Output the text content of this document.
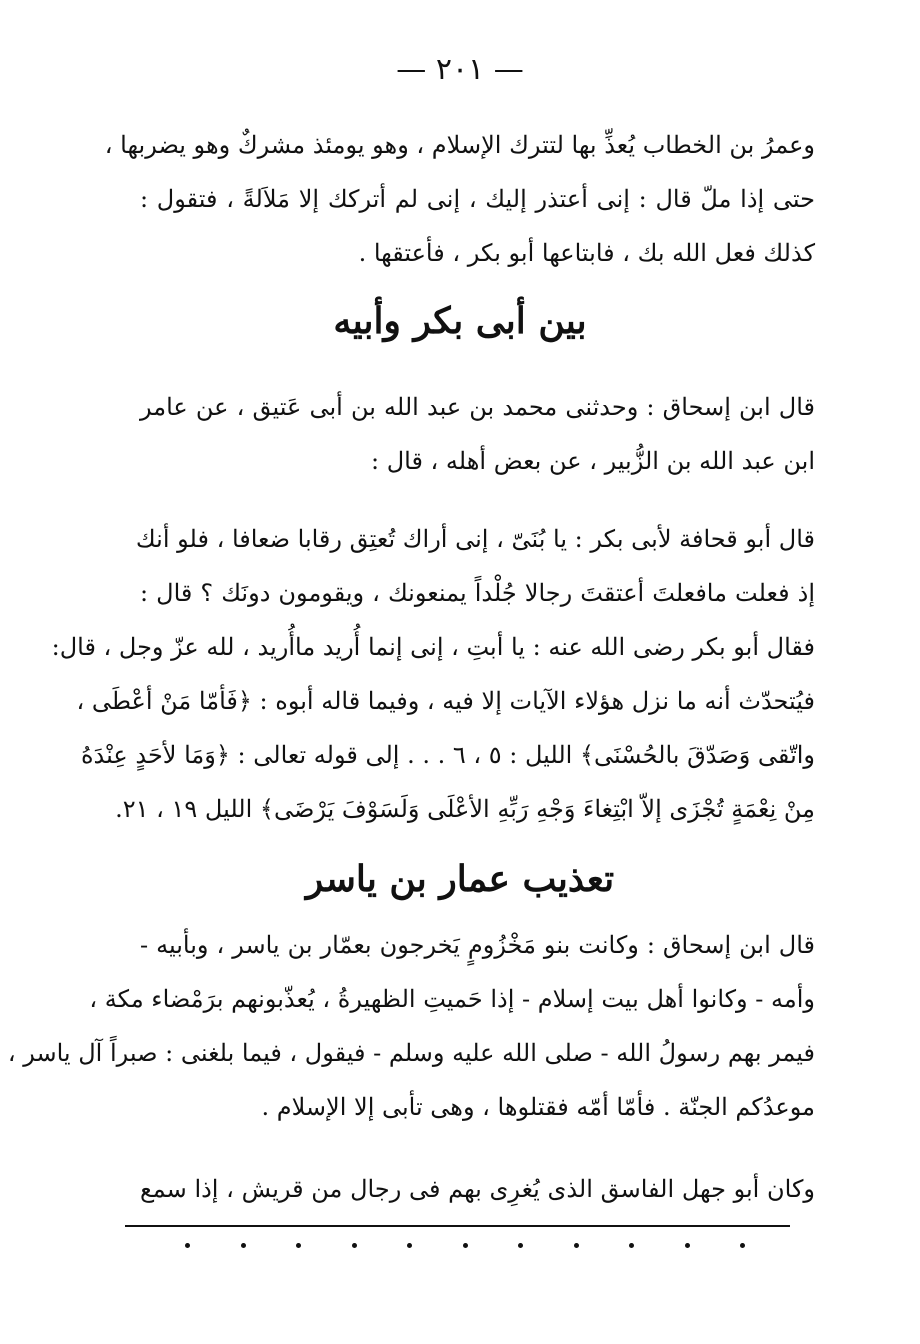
— ٢٠١ —
وعمرُ بن الخطاب يُعذِّ بها لتترك الإسلام ، وهو يومئذ مشركٌ وهو يضربها ،
حتى إذا ملّ قال : إنى أعتذر إليك ، إنى لم أتركك إلا مَلاَلةً ، فتقول :
كذلك فعل الله بك ، فابتاعها أبو بكر ، فأعتقها .
بين أبى بكر وأبيه
قال ابن إسحاق : وحدثنى محمد بن عبد الله بن أبى عَتيق ، عن عامر
ابن عبد الله بن الزُّبير ، عن بعض أهله ، قال :
قال أبو قحافة لأبى بكر : يا بُنَىّ ، إنى أراك تُعتِق رقابا ضعافا ، فلو أنك
إذ فعلت مافعلتَ أعتقتَ رجالا جُلْداً يمنعونك ، ويقومون دونَك ؟ قال :
فقال أبو بكر رضى الله عنه : يا أبتِ ، إنى إنما أُريد ماأُريد ، لله عزّ وجل ، قال:
فيُتحدّث أنه ما نزل هؤلاء الآيات إلا فيه ، وفيما قاله أبوه : ﴿فَأمّا مَنْ أعْطَى ،
واتّقى وَصَدّقَ بالحُسْنَى﴾ الليل : ٥ ، ٦ . . . إلى قوله تعالى : ﴿وَمَا لأحَدٍ عِنْدَهُ
مِنْ نِعْمَةٍ تُجْزَى إلاّ ابْتِغاءَ وَجْهِ رَبِّهِ الأعْلَى وَلَسَوْفَ يَرْضَى﴾ الليل ١٩ ، ٢١.
تعذيب عمار بن ياسر
قال ابن إسحاق : وكانت بنو مَخْزُومٍ يَخرجون بعمّار بن ياسر ، وبأبيه -
وأمه - وكانوا أهل بيت إسلام - إذا حَميتِ الظهيرةُ ، يُعذّبونهم برَمْضاء مكة ،
فيمر بهم رسولُ الله - صلى الله عليه وسلم - فيقول ، فيما بلغنى : صبراً آل ياسر ،
موعدُكم الجنّة . فأمّا أمّه فقتلوها ، وهى تأبى إلا الإسلام .
وكان أبو جهل الفاسق الذى يُغرِى بهم فى رجال من قريش ، إذا سمع
